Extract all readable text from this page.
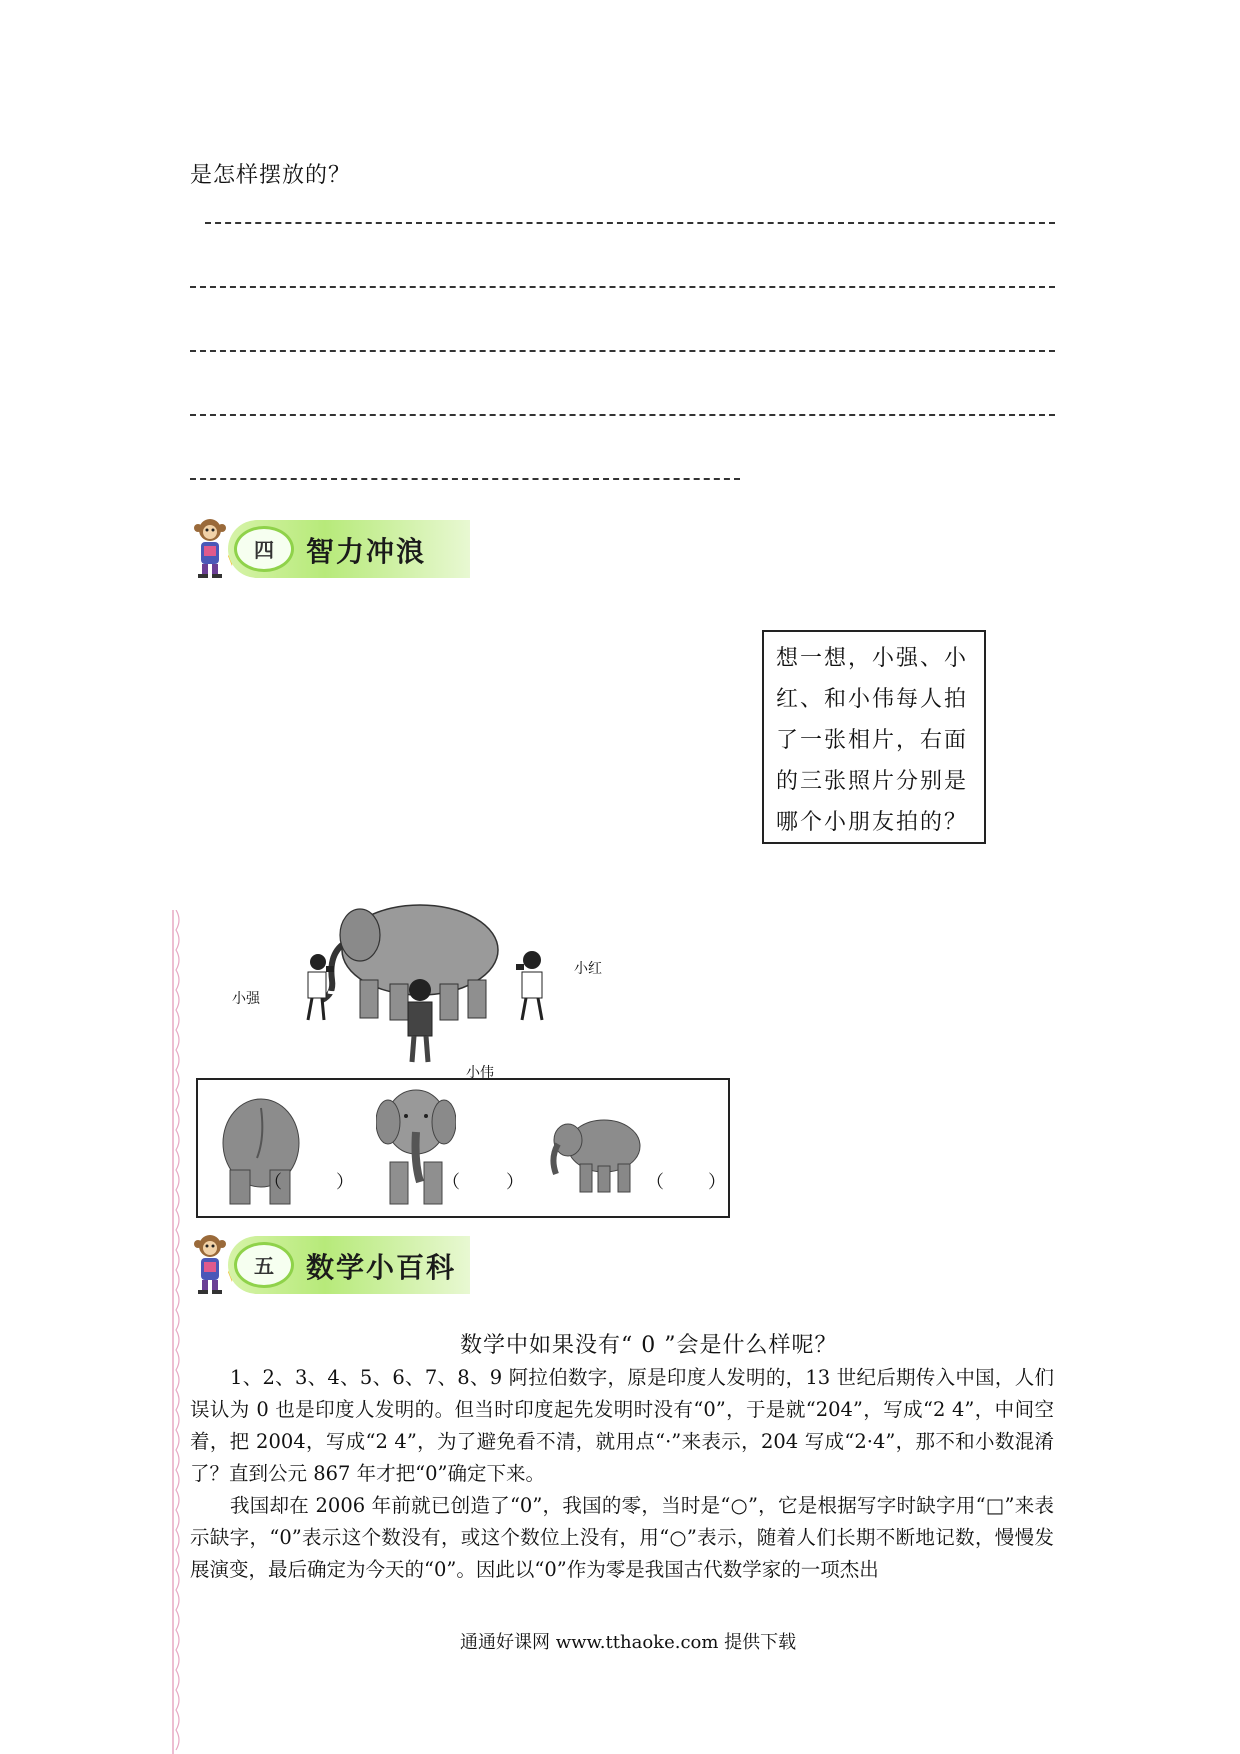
是怎样摆放的？
四 智力冲浪
想一想，小强、小
红、和小伟每人拍
了一张相片，右面
的三张照片分别是
哪个小朋友拍的？
小强
小红
小伟
（	）	（	）	（ ）
五 数学小百科
数学中如果没有“ 0 ”会是什么样呢？

1、2、3、4、5、6、7、8、9 阿拉伯数字，原是印度人发明的，13 世纪后期传入中国，人们误认为 0 也是印度人发明的。但当时印度起先发明时没有“0”，于是就“204”，写成“2 4”，中间空着，把 2004，写成“2 4”，为了避免看不清，就用点“·”来表示，204 写成“2·4”，那不和小数混淆了？直到公元 867 年才把“0”确定下来。

我国却在 2006 年前就已创造了“0”，我国的零，当时是“○”，它是根据写字时缺字用“□”来表示缺字，“0”表示这个数没有，或这个数位上没有，用“○”表示，随着人们长期不断地记数，慢慢发展演变，最后确定为今天的“0”。因此以“0”作为零是我国古代数学家的一项杰出

通通好课网 www.tthaoke.com 提供下载
